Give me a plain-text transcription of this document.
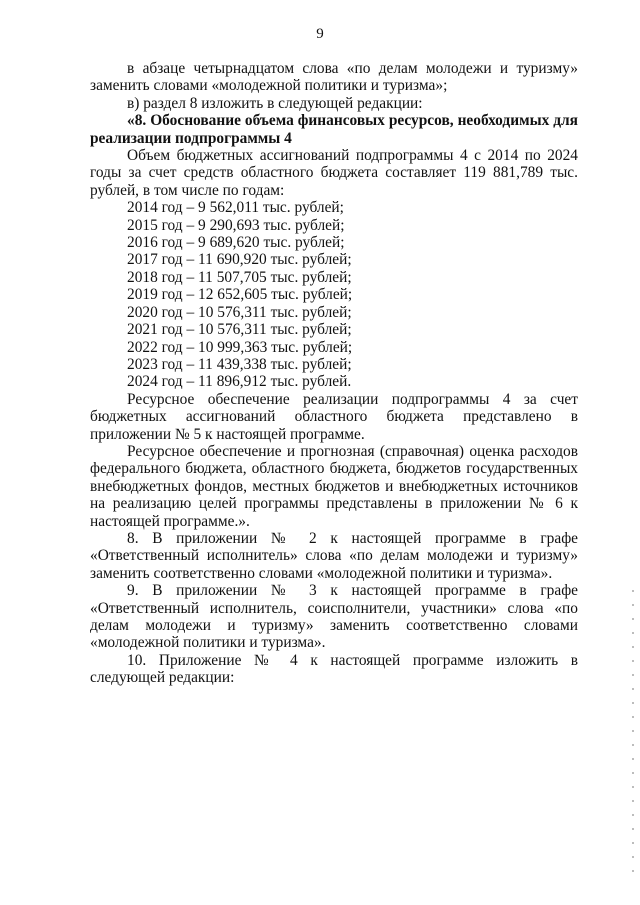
9

в абзаце четырнадцатом слова «по делам молодежи и туризму» заменить словами «молодежной политики и туризма»;

в) раздел 8 изложить в следующей редакции:

«8. Обоснование объема финансовых ресурсов, необходимых для реализации подпрограммы 4

Объем бюджетных ассигнований подпрограммы 4 с 2014 по 2024 годы за счет средств областного бюджета составляет 119 881,789 тыс. рублей, в том числе по годам:

2014 год – 9 562,011 тыс. рублей;
2015 год – 9 290,693 тыс. рублей;
2016 год – 9 689,620 тыс. рублей;
2017 год – 11 690,920 тыс. рублей;
2018 год – 11 507,705 тыс. рублей;
2019 год – 12 652,605 тыс. рублей;
2020 год – 10 576,311 тыс. рублей;
2021 год – 10 576,311 тыс. рублей;
2022 год – 10 999,363 тыс. рублей;
2023 год – 11 439,338 тыс. рублей;
2024 год – 11 896,912 тыс. рублей.

Ресурсное обеспечение реализации подпрограммы 4 за счет бюджетных ассигнований областного бюджета представлено в приложении № 5 к настоящей программе.

Ресурсное обеспечение и прогнозная (справочная) оценка расходов федерального бюджета, областного бюджета, бюджетов государственных внебюджетных фондов, местных бюджетов и внебюджетных источников на реализацию целей программы представлены в приложении № 6 к настоящей программе.».

8. В приложении № 2 к настоящей программе в графе «Ответственный исполнитель» слова «по делам молодежи и туризму» заменить соответственно словами «молодежной политики и туризма».

9. В приложении № 3 к настоящей программе в графе «Ответственный исполнитель, соисполнители, участники» слова «по делам молодежи и туризму» заменить соответственно словами «молодежной политики и туризма».

10. Приложение № 4 к настоящей программе изложить в следующей редакции:
